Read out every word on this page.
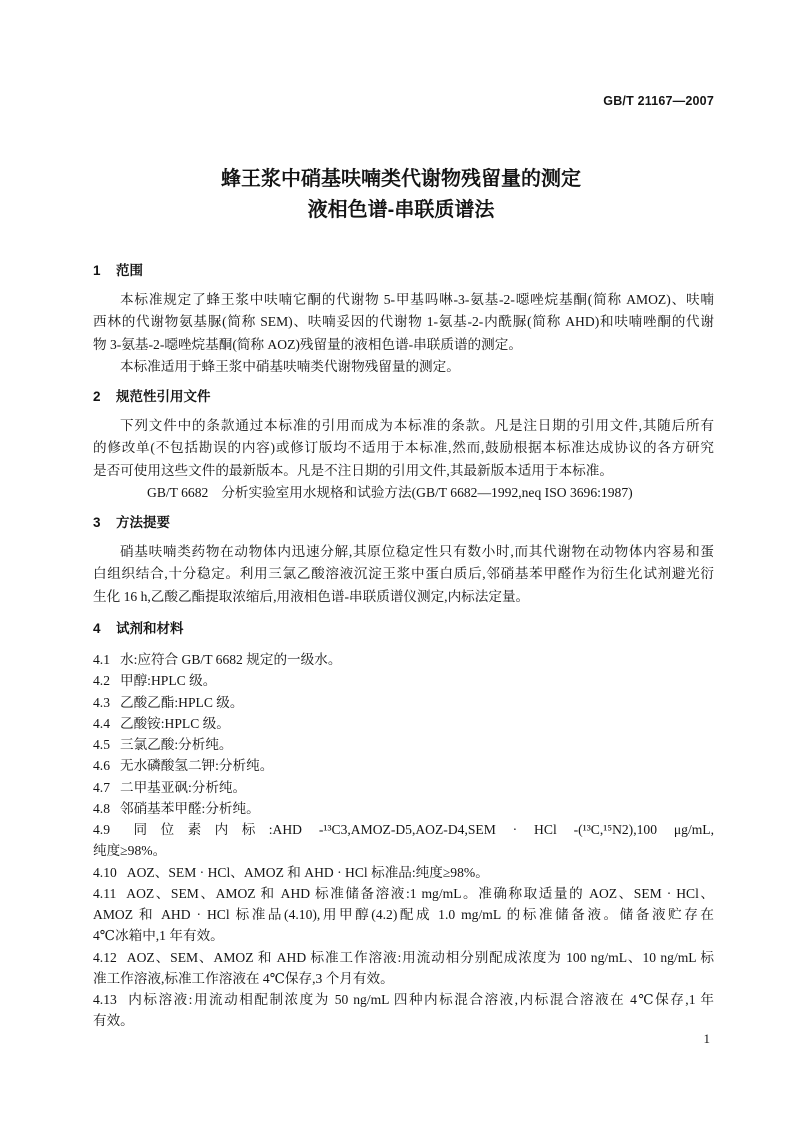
GB/T 21167—2007
蜂王浆中硝基呋喃类代谢物残留量的测定
液相色谱-串联质谱法
1 范围
本标准规定了蜂王浆中呋喃它酮的代谢物 5-甲基吗啉-3-氨基-2-噁唑烷基酮(简称 AMOZ)、呋喃
西林的代谢物氨基脲(简称 SEM)、呋喃妥因的代谢物 1-氨基-2-内酰脲(简称 AHD)和呋喃唑酮的代谢
物 3-氨基-2-噁唑烷基酮(简称 AOZ)残留量的液相色谱-串联质谱的测定。
本标准适用于蜂王浆中硝基呋喃类代谢物残留量的测定。
2 规范性引用文件
下列文件中的条款通过本标准的引用而成为本标准的条款。凡是注日期的引用文件,其随后所有
的修改单(不包括勘误的内容)或修订版均不适用于本标准,然而,鼓励根据本标准达成协议的各方研究
是否可使用这些文件的最新版本。凡是不注日期的引用文件,其最新版本适用于本标准。
GB/T 6682 分析实验室用水规格和试验方法(GB/T 6682—1992,neq ISO 3696:1987)
3 方法提要
硝基呋喃类药物在动物体内迅速分解,其原位稳定性只有数小时,而其代谢物在动物体内容易和蛋
白组织结合,十分稳定。利用三氯乙酸溶液沉淀王浆中蛋白质后,邻硝基苯甲醛作为衍生化试剂避光衍
生化 16 h,乙酸乙酯提取浓缩后,用液相色谱-串联质谱仪测定,内标法定量。
4 试剂和材料
4.1 水:应符合 GB/T 6682 规定的一级水。
4.2 甲醇:HPLC 级。
4.3 乙酸乙酯:HPLC 级。
4.4 乙酸铵:HPLC 级。
4.5 三氯乙酸:分析纯。
4.6 无水磷酸氢二钾:分析纯。
4.7 二甲基亚砜:分析纯。
4.8 邻硝基苯甲醛:分析纯。
4.9 同位素内标:AHD -¹³C3,AMOZ-D5,AOZ-D4,SEM · HCl -(¹³C,¹⁵N2),100 μg/mL,
纯度≥98%。
4.10 AOZ、SEM · HCl、AMOZ 和 AHD · HCl 标准品:纯度≥98%。
4.11 AOZ、SEM、AMOZ 和 AHD 标准储备溶液:1 mg/mL。准确称取适量的 AOZ、SEM · HCl、
AMOZ 和 AHD · HCl 标准品(4.10),用甲醇(4.2)配成 1.0 mg/mL 的标准储备液。储备液贮存在
4℃冰箱中,1 年有效。
4.12 AOZ、SEM、AMOZ 和 AHD 标准工作溶液:用流动相分别配成浓度为 100 ng/mL、10 ng/mL 标
准工作溶液,标准工作溶液在 4℃保存,3 个月有效。
4.13 内标溶液:用流动相配制浓度为 50 ng/mL 四种内标混合溶液,内标混合溶液在 4℃保存,1 年
有效。
1
